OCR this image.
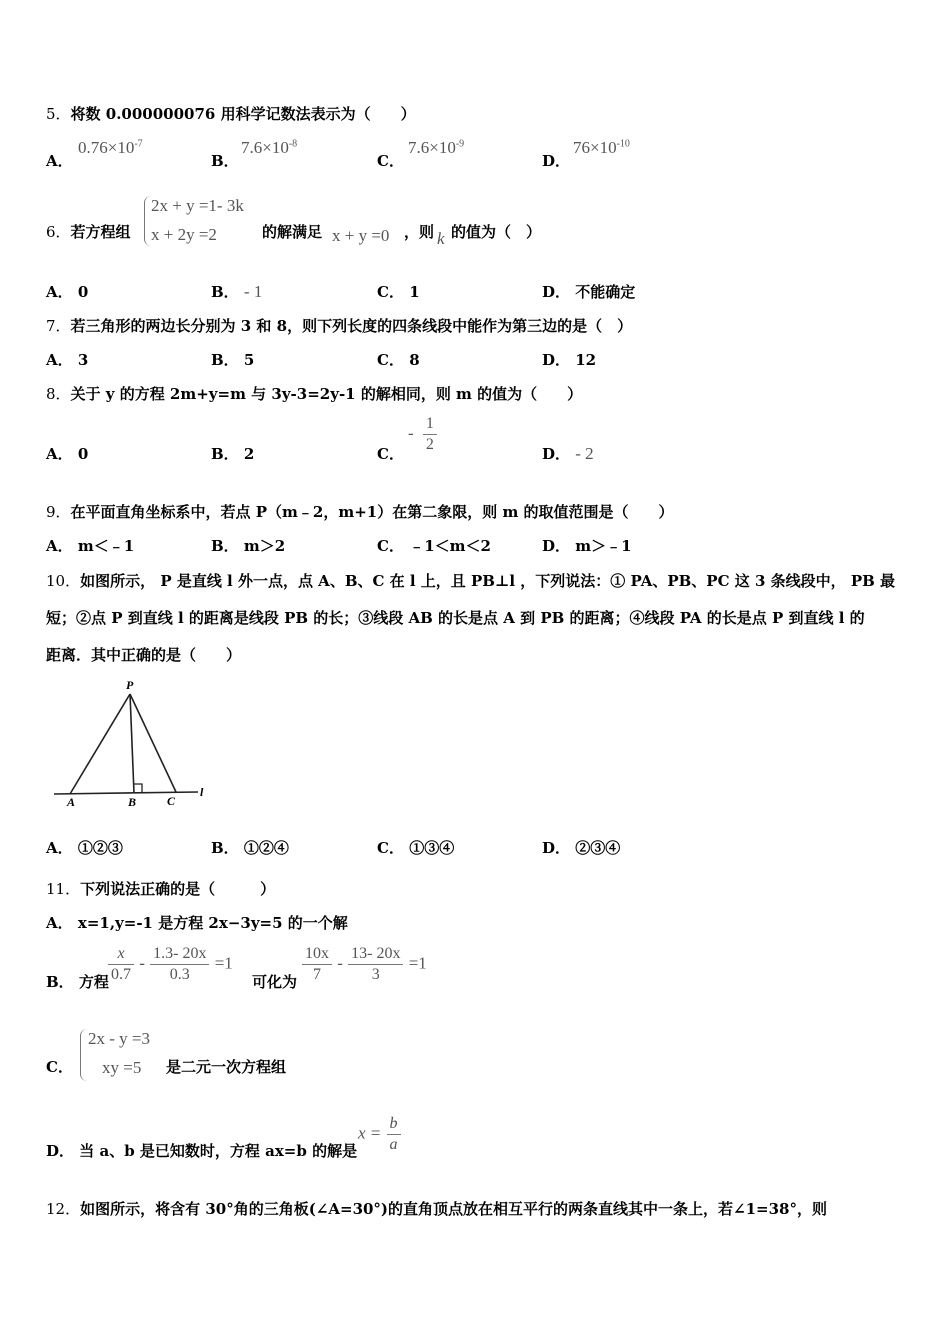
5．将数 0.000000076 用科学记数法表示为（　　）
A．
$0.76\times 10^{-7}$
B．
$7.6\times 10^{-8}$
C．
$7.6\times 10^{-9}$
D．
$76\times 10^{-10}$
6．若方程组
2x + y =1- 3k
x + 2y =2	的解满足 x + y =0 ，则 k 的值为（　）
A． 0	B． - 1	C． 1	D． 不能确定
7．若三角形的两边长分别为 3 和 8，则下列长度的四条线段中能作为第三边的是（　）
A． 3	B． 5	C． 8	D． 12
8．关于 y 的方程 2m+y=m 与 3y-3=2y-1 的解相同，则 m 的值为（　　）
A． 0	B． 2	C．
- $\frac{1}{2}$	D． - 2
9．在平面直角坐标系中，若点 P（m﹣2，m+1）在第二象限，则 m 的取值范围是（　　）
A． m＜﹣1	B． m＞2	C． ﹣1＜m＜2	D． m＞﹣1
10．如图所示， P 是直线 l 外一点，点 A、B、C 在 l 上，且 PB⊥l ，下列说法：① PA、PB、PC 这 3 条线段中， PB 最
短；②点 P 到直线 l 的距离是线段 PB 的长；③线段 AB 的长是点 A 到 PB 的距离；④线段 PA 的长是点 P 到直线 l 的
距离．其中正确的是（　　）
P
A	B	C
l
A． ①②③	B． ①②④	C． ①③④	D． ②③④
11．下列说法正确的是（　　　）
A． x=1,y=-1 是方程 2x−3y=5 的一个解
B． 方程 $\frac{x}{0.7} - \frac{1.3- 20x}{0.3} =1$
可化为 $\frac{10x}{7} - \frac{13- 20x}{3} =1$
C．
2x - y =3
xy =5 是二元一次方程组
D． 当 a、b 是已知数时，方程 ax=b 的解是
$x = \frac{b}{a}$
12．如图所示，将含有 30°角的三角板(∠A=30°)的直角顶点放在相互平行的两条直线其中一条上，若∠1=38°，则
